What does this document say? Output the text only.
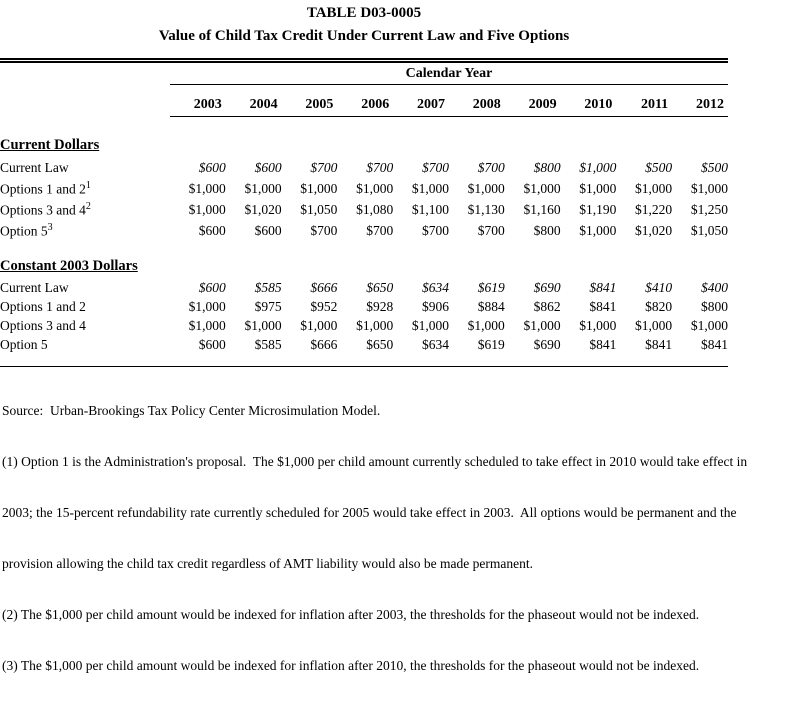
TABLE D03-0005
Value of Child Tax Credit Under Current Law and Five Options
	Calendar Year									
	2003	2004	2005	2006	2007	2008	2009	2010	2011	2012

Current Dollars										
Current Law	$600	$600	$700	$700	$700	$700	$800	$1,000	$500	$500
Options 1 and $2^1$	$1,000	$1,000	$1,000	$1,000	$1,000	$1,000	$1,000	$1,000	$1,000	$1,000
Options 3 and $4^2$	$1,000	$1,020	$1,050	$1,080	$1,100	$1,130	$1,160	$1,190	$1,220	$1,250
Option $5^3$	$600	$600	$700	$700	$700	$700	$800	$1,000	$1,020	$1,050

Constant 2003 Dollars										
Current Law	$600	$585	$666	$650	$634	$619	$690	$841	$410	$400
Options 1 and 2	$1,000	$975	$952	$928	$906	$884	$862	$841	$820	$800
Options 3 and 4	$1,000	$1,000	$1,000	$1,000	$1,000	$1,000	$1,000	$1,000	$1,000	$1,000
Option 5	$600	$585	$666	$650	$634	$619	$690	$841	$841	$841

Source:  Urban-Brookings Tax Policy Center Microsimulation Model.

(1) Option 1 is the Administration's proposal.  The $1,000 per child amount currently scheduled to take effect in 2010 would take effect in

2003; the 15-percent refundability rate currently scheduled for 2005 would take effect in 2003.  All options would be permanent and the

provision allowing the child tax credit regardless of AMT liability would also be made permanent.

(2) The $1,000 per child amount would be indexed for inflation after 2003, the thresholds for the phaseout would not be indexed.

(3) The $1,000 per child amount would be indexed for inflation after 2010, the thresholds for the phaseout would not be indexed.
